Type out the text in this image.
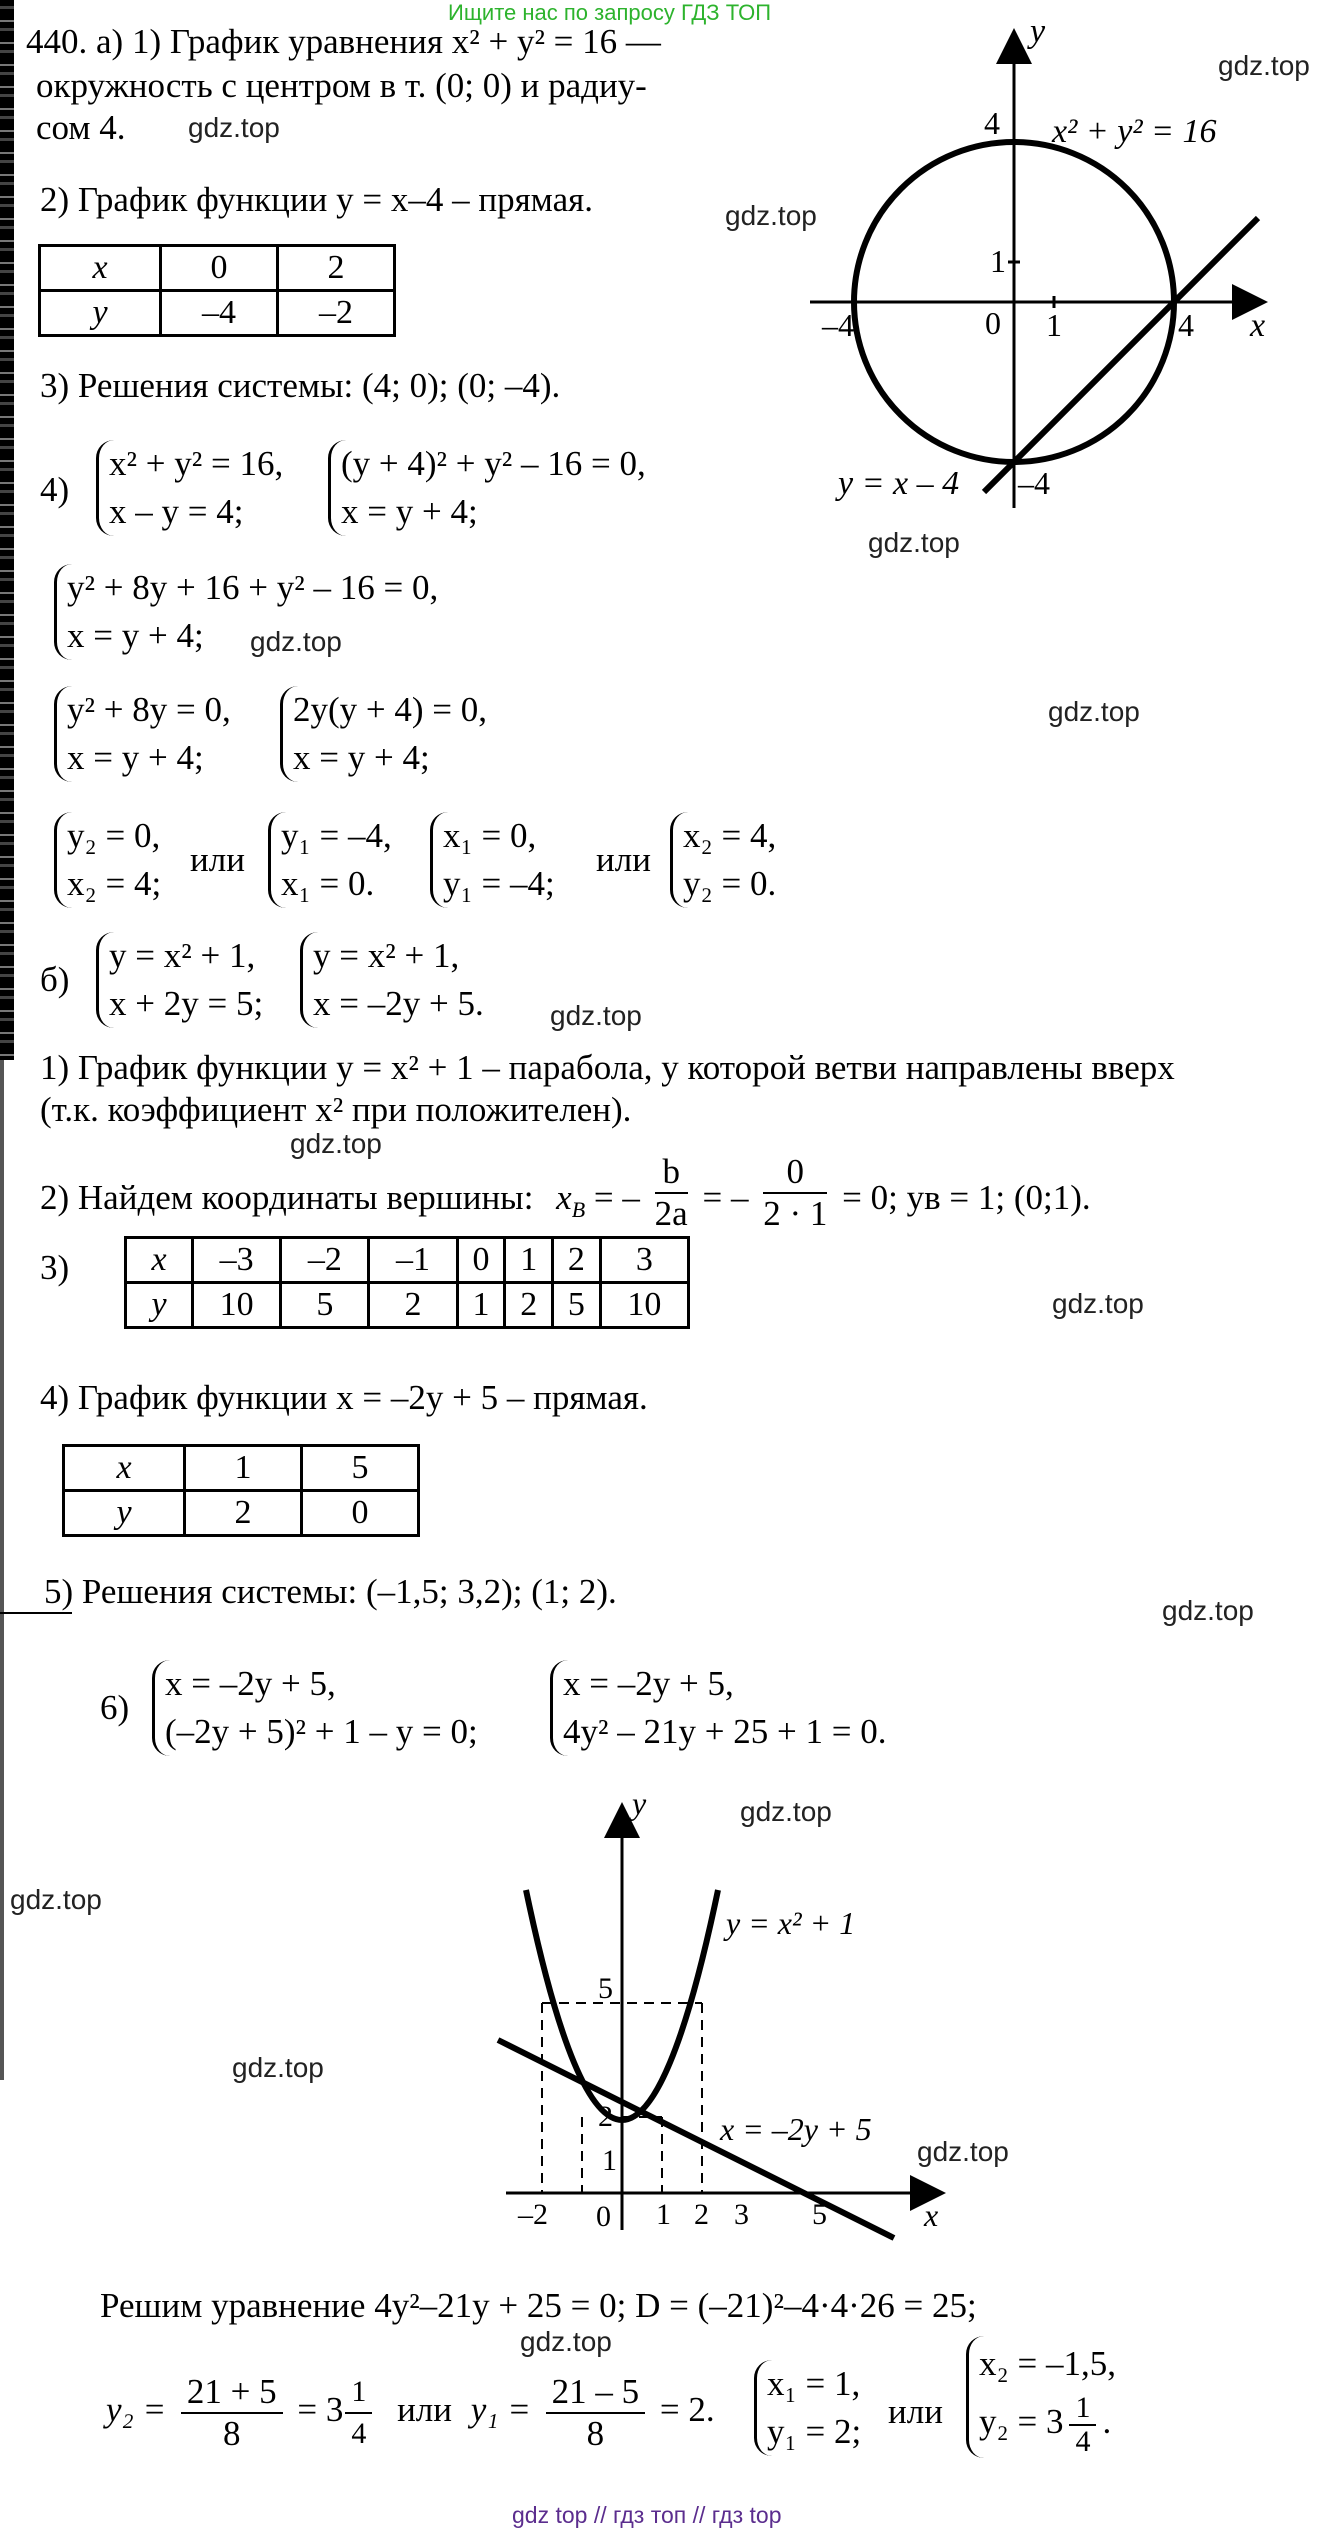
Ищите нас по запросу ГДЗ ТОП
gdz.top
gdz.top
gdz.top
gdz.top
gdz.top
gdz.top
gdz.top
gdz.top
gdz.top
gdz.top
gdz.top
gdz.top
gdz.top
gdz.top
gdz.top
440. а) 1) График уравнения x² + y² = 16 —
окружность с центром в т. (0; 0) и радиу-
сом 4.
2) График функции y = x–4 – прямая.
x	0	2
y	–4	–2
3) Решения системы: (4; 0); (0; –4).
4)
x² + y² = 16,
x – y = 4;
(y + 4)² + y² – 16 = 0,
x = y + 4;
y² + 8y + 16 + y² – 16 = 0,
x = y + 4;
y² + 8y = 0,
x = y + 4;
2y(y + 4) = 0,
x = y + 4;
y₂ = 0,
x₂ = 4;
или
y₁ = –4,
x₁ = 0.
x₁ = 0,
y₁ = –4;
или
x₂ = 4,
y₂ = 0.
y
x
4
1
0 1	4
–4
–4
x² + y² = 16
y = x – 4
б)
y = x² + 1,
x + 2y = 5;
y = x² + 1,
x = –2y + 5.
1) График функции y = x² + 1 – парабола, у которой ветви направлены вверх
(т.к. коэффициент x² при положителен).
2) Найдем координаты вершины: $x_B$ = – $\frac{b}{2a}$ = – $\frac{0}{2 \cdot 1} = 0$; yв = 1; (0;1).
3) x	–3	–2	–1	0	1	2	3
y	10	5	2	1	2	5	10
4) График функции x = –2y + 5 – прямая.
x	1	5
y	2	0
5) Решения системы: (–1,5; 3,2); (1; 2).
6)
x = –2y + 5,
(–2y + 5)² + 1 – y = 0;
x = –2y + 5,
4y² – 21y + 25 + 1 = 0.
y
x
y = x² + 1
x = –2y + 5
5
2
1
–2 0 1 2 3 5
Решим уравнение 4y²–21y + 25 = 0; D = (–21)²–4·4·26 = 25;
$y_2 = \frac{21 + 5}{8} = 3 \frac{1}{4}$ или $y_1 = \frac{21 - 5}{8} = 2$.
x₁ = 1,
y₁ = 2;
или
x₂ = –1,5,
$y_2 = 3 \frac{1}{4}$ .
gdz top // гдз топ // гдз top
